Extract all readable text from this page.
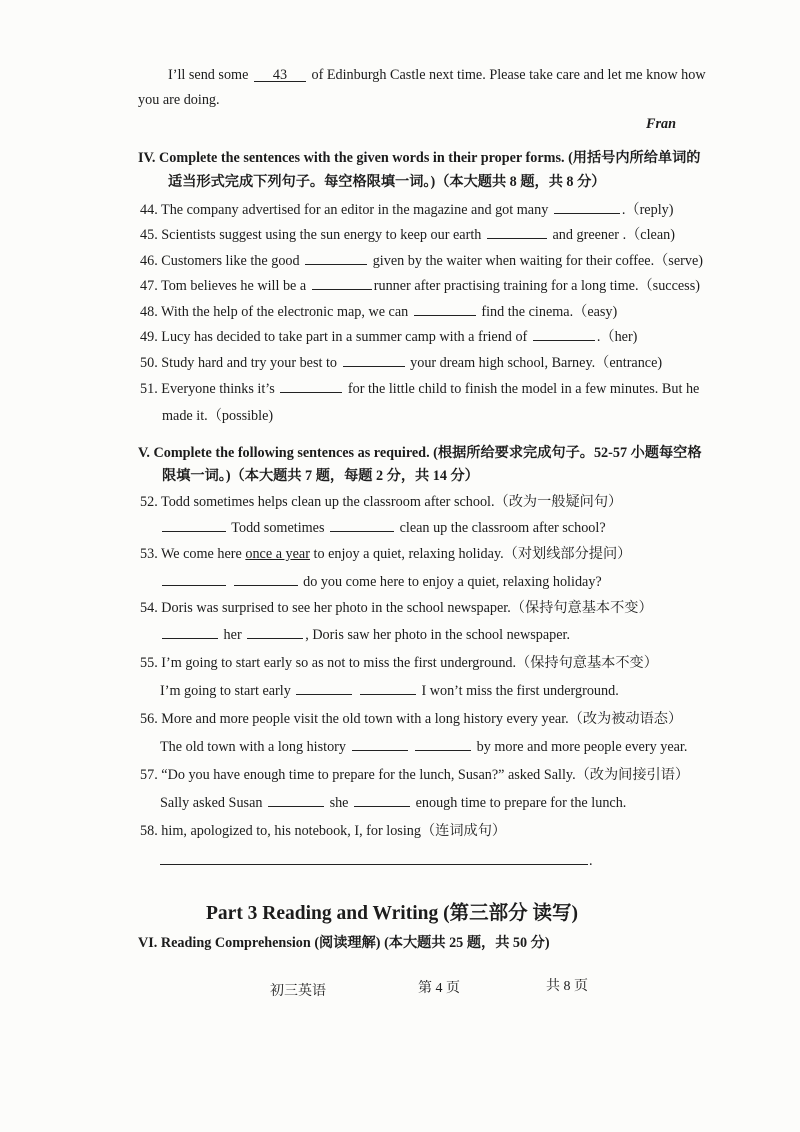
I’ll send some 43 of Edinburgh Castle next time. Please take care and let me know how
you are doing.
Fran
IV. Complete the sentences with the given words in their proper forms. (用括号内所给单词的
适当形式完成下列句子。每空格限填一词。)（本大题共 8 题，共 8 分）
44. The company advertised for an editor in the magazine and got many	.（reply)
45. Scientists suggest using the sun energy to keep our earth	and greener .（clean)
46. Customers like the good	given by the waiter when waiting for their coffee.（serve)
47. Tom believes he will be a	runner after practising training for a long time.（success)
48. With the help of the electronic map, we can	find the cinema.（easy)
49. Lucy has decided to take part in a summer camp with a friend of	.（her)
50. Study hard and try your best to	your dream high school, Barney.（entrance)
51. Everyone thinks it’s	for the little child to finish the model in a few minutes. But he
made it.（possible)
V. Complete the following sentences as required. (根据所给要求完成句子。52-57 小题每空格
限填一词。)（本大题共 7 题，每题 2 分，共 14 分）
52. Todd sometimes helps clean up the classroom after school.（改为一般疑问句）
Todd sometimes	clean up the classroom after school?
53. We come here once a year to enjoy a quiet, relaxing holiday.（对划线部分提问）
do you come here to enjoy a quiet, relaxing holiday?
54. Doris was surprised to see her photo in the school newspaper.（保持句意基本不变）
her	, Doris saw her photo in the school newspaper.
55. I’m going to start early so as not to miss the first underground.（保持句意基本不变）
I’m going to start early	I won’t miss the first underground.
56. More and more people visit the old town with a long history every year.（改为被动语态）
The old town with a long history	by more and more people every year.
57. “Do you have enough time to prepare for the lunch, Susan?” asked Sally.（改为间接引语）
Sally asked Susan	she	enough time to prepare for the lunch.
58. him, apologized to, his notebook, I, for losing（连词成句）
.
Part 3 Reading and Writing (第三部分 读写)
VI. Reading Comprehension (阅读理解) (本大题共 25 题，共 50 分)
初三英语	第 4 页	共 8 页
